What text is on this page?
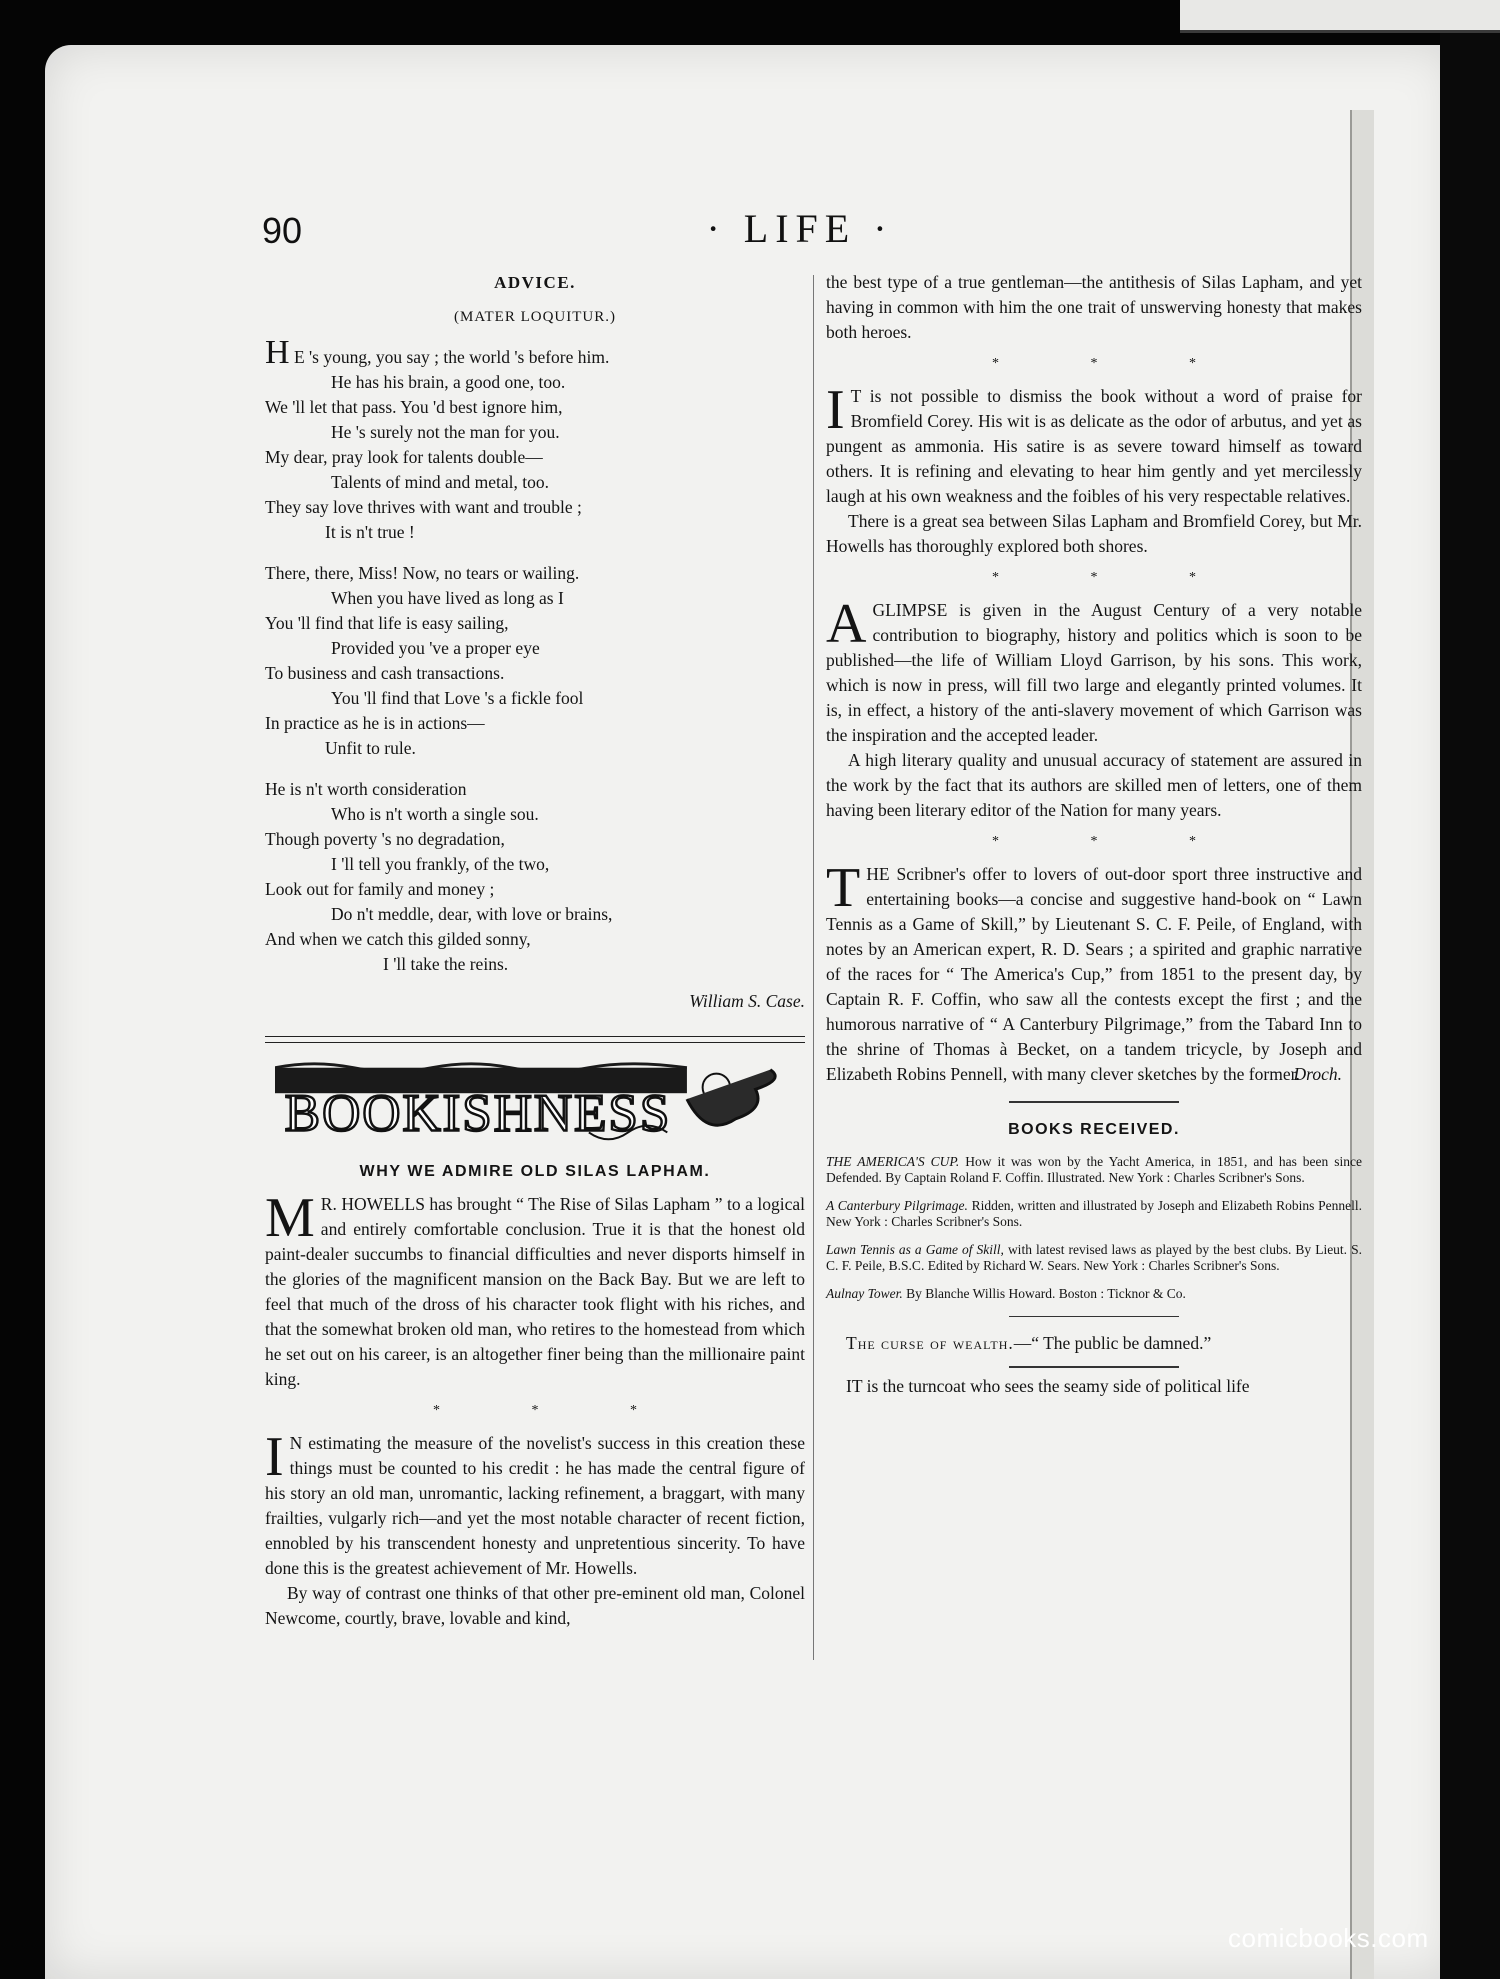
90	· LIFE ·
ADVICE.
(MATER LOQUITUR.)
H E 's young, you say ; the world 's before him.
He has his brain, a good one, too.
We 'll let that pass. You 'd best ignore him,
He 's surely not the man for you.
My dear, pray look for talents double—
Talents of mind and metal, too.
They say love thrives with want and trouble ;
It is n't true !
There, there, Miss! Now, no tears or wailing.
When you have lived as long as I
You 'll find that life is easy sailing,
Provided you 've a proper eye
To business and cash transactions.
You 'll find that Love 's a fickle fool
In practice as he is in actions—
Unfit to rule.
He is n't worth consideration
Who is n't worth a single sou.
Though poverty 's no degradation,
I 'll tell you frankly, of the two,
Look out for family and money ;
Do n't meddle, dear, with love or brains,
And when we catch this gilded sonny,
I 'll take the reins.
William S. Case.
BOOKISHNESS
WHY WE ADMIRE OLD SILAS LAPHAM.

M R. HOWELLS has brought “ The Rise of Silas Lapham ” to a logical and entirely comfortable conclusion. True it is that the honest old paint-dealer succumbs to financial difficulties and never disports himself in the glories of the magnificent mansion on the Back Bay. But we are left to feel that much of the dross of his character took flight with his riches, and that the somewhat broken old man, who retires to the homestead from which he set out on his career, is an altogether finer being than the millionaire paint king.

* * *

I N estimating the measure of the novelist's success in this creation these things must be counted to his credit : he has made the central figure of his story an old man, unromantic, lacking refinement, a braggart, with many frailties, vulgarly rich—and yet the most notable character of recent fiction, ennobled by his transcendent honesty and unpretentious sincerity. To have done this is the greatest achievement of Mr. Howells.

By way of contrast one thinks of that other pre-eminent old man, Colonel Newcome, courtly, brave, lovable and kind,

the best type of a true gentleman—the antithesis of Silas Lapham, and yet having in common with him the one trait of unswerving honesty that makes both heroes.

* * *

I T is not possible to dismiss the book without a word of praise for Bromfield Corey. His wit is as delicate as the odor of arbutus, and yet as pungent as ammonia. His satire is as severe toward himself as toward others. It is refining and elevating to hear him gently and yet mercilessly laugh at his own weakness and the foibles of his very respectable relatives.

There is a great sea between Silas Lapham and Bromfield Corey, but Mr. Howells has thoroughly explored both shores.

* * *

AGLIMPSE is given in the August Century of a very notable contribution to biography, history and politics which is soon to be published—the life of William Lloyd Garrison, by his sons. This work, which is now in press, will fill two large and elegantly printed volumes. It is, in effect, a history of the anti-slavery movement of which Garrison was the inspiration and the accepted leader.

A high literary quality and unusual accuracy of statement are assured in the work by the fact that its authors are skilled men of letters, one of them having been literary editor of the Nation for many years.

* * *

THE Scribner's offer to lovers of out-door sport three instructive and entertaining books—a concise and suggestive hand-book on “ Lawn Tennis as a Game of Skill,” by Lieutenant S. C. F. Peile, of England, with notes by an American expert, R. D. Sears ; a spirited and graphic narrative of the races for “ The America's Cup,” from 1851 to the present day, by Captain R. F. Coffin, who saw all the contests except the first ; and the humorous narrative of “ A Canterbury Pilgrimage,” from the Tabard Inn to the shrine of Thomas à Becket, on a tandem tricycle, by Joseph and Elizabeth Robins Pennell, with many clever sketches by the former.

Droch.
BOOKS RECEIVED.
THE AMERICA'S CUP. How it was won by the Yacht America, in 1851, and has been since Defended. By Captain Roland F. Coffin. Illustrated. New York : Charles Scribner's Sons.
A Canterbury Pilgrimage. Ridden, written and illustrated by Joseph and Elizabeth Robins Pennell. New York : Charles Scribner's Sons.
Lawn Tennis as a Game of Skill, with latest revised laws as played by the best clubs. By Lieut. S. C. F. Peile, B.S.C. Edited by Richard W. Sears. New York : Charles Scribner's Sons.
Aulnay Tower. By Blanche Willis Howard. Boston : Ticknor & Co.
The curse of wealth.—“ The public be damned.”
IT is the turncoat who sees the seamy side of political life
comicbooks.com
